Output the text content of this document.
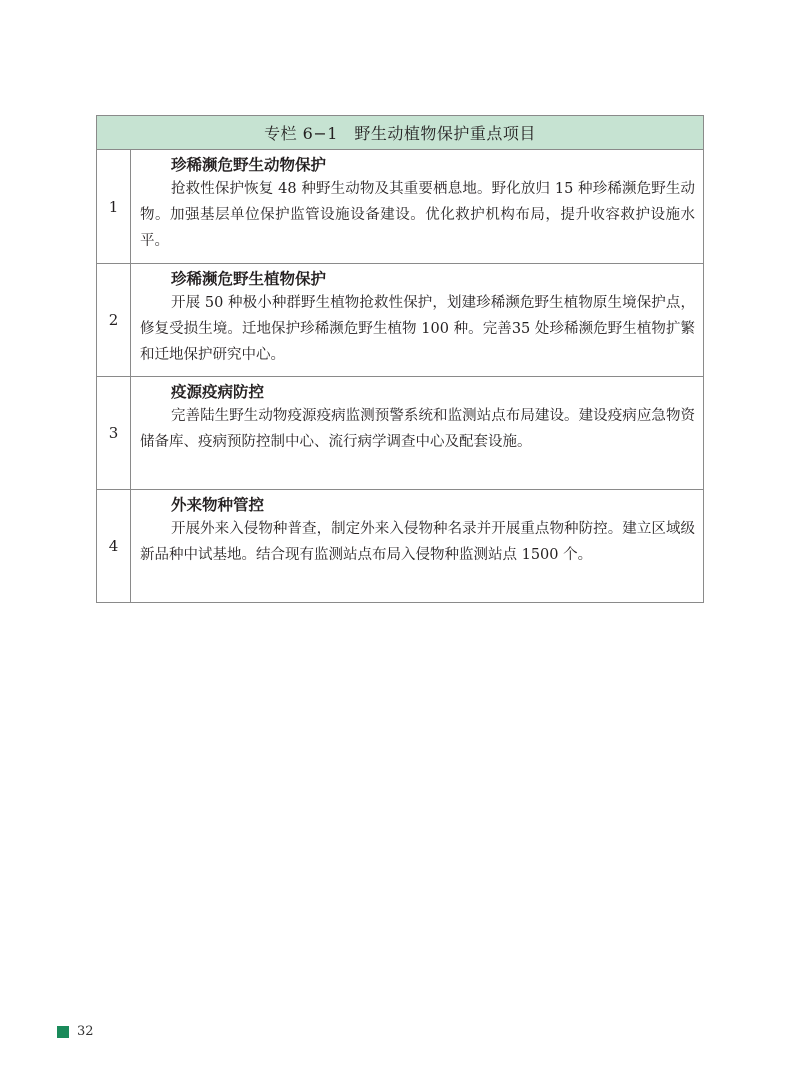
专栏 6−1　野生动植物保护重点项目	
1	珍稀濒危野生动物保护

抢救性保护恢复 48 种野生动物及其重要栖息地。野化放归 15 种珍稀濒危野生动物。加强基层单位保护监管设施设备建设。优化救护机构布局，提升收容救护设施水平。

2	珍稀濒危野生植物保护

开展 50 种极小种群野生植物抢救性保护，划建珍稀濒危野生植物原生境保护点，修复受损生境。迁地保护珍稀濒危野生植物 100 种。完善35 处珍稀濒危野生植物扩繁和迁地保护研究中心。

3	疫源疫病防控

完善陆生野生动物疫源疫病监测预警系统和监测站点布局建设。建设疫病应急物资储备库、疫病预防控制中心、流行病学调查中心及配套设施。

4	外来物种管控

开展外来入侵物种普查，制定外来入侵物种名录并开展重点物种防控。建立区域级新品种中试基地。结合现有监测站点布局入侵物种监测站点 1500 个。

32
